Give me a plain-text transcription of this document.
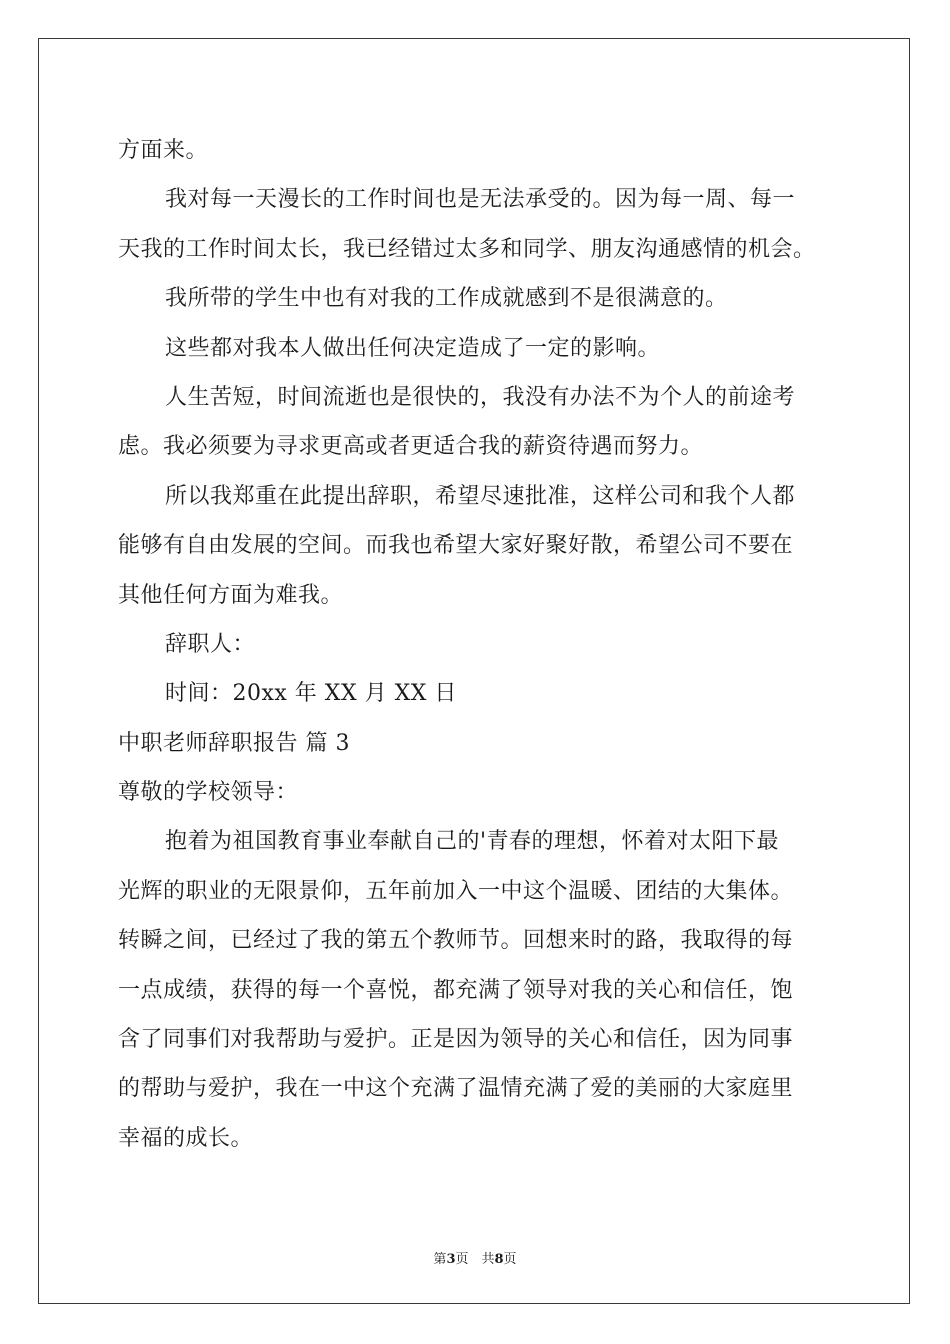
方面来。
我对每一天漫长的工作时间也是无法承受的。因为每一周、每一
天我的工作时间太长，我已经错过太多和同学、朋友沟通感情的机会。
我所带的学生中也有对我的工作成就感到不是很满意的。
这些都对我本人做出任何决定造成了一定的影响。
人生苦短，时间流逝也是很快的，我没有办法不为个人的前途考
虑。我必须要为寻求更高或者更适合我的薪资待遇而努力。
所以我郑重在此提出辞职，希望尽速批准，这样公司和我个人都
能够有自由发展的空间。而我也希望大家好聚好散，希望公司不要在
其他任何方面为难我。
辞职人：
时间：20xx 年 XX 月 XX 日
中职老师辞职报告 篇 3
尊敬的学校领导：
抱着为祖国教育事业奉献自己的'青春的理想，怀着对太阳下最
光辉的职业的无限景仰，五年前加入一中这个温暖、团结的大集体。
转瞬之间，已经过了我的第五个教师节。回想来时的路，我取得的每
一点成绩，获得的每一个喜悦，都充满了领导对我的关心和信任，饱
含了同事们对我帮助与爱护。正是因为领导的关心和信任，因为同事
的帮助与爱护，我在一中这个充满了温情充满了爱的美丽的大家庭里
幸福的成长。
第3页　共8页
